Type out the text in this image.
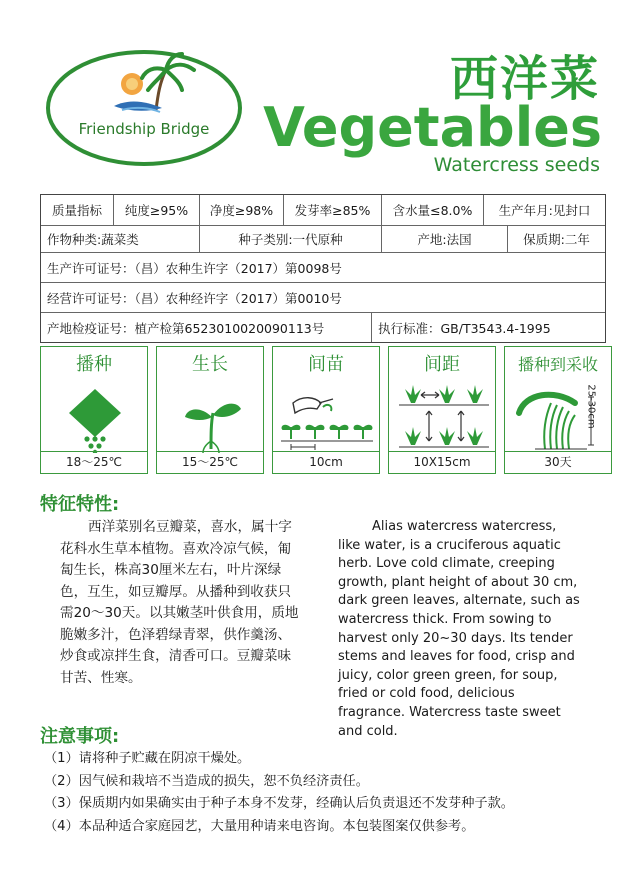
Friendship Bridge
西洋菜
Vegetables
Watercress seeds
质量指标	纯度≥95%	净度≥98%	发芽率≥85%	含水量≤8.0%	生产年月:见封口
作物种类:蔬菜类	种子类别:一代原种	产地:法国	保质期:二年
生产许可证号：（昌）农种生许字（2017）第0098号
经营许可证号：（昌）农种经许字（2017）第0010号
产地检疫证号：植产检第6523010020090113号	执行标准：GB/T3543.4-1995
播种
18～25℃
生长
15～25℃
间苗
10cm
间距
10X15cm
播种到采收
25-30cm
30天
特征特性:
西洋菜别名豆瓣菜，喜水，属十字
花科水生草本植物。喜欢冷凉气候，匍
匐生长，株高30厘米左右，叶片深绿
色，互生，如豆瓣厚。从播种到收获只
需20～30天。以其嫩茎叶供食用，质地
脆嫩多汁，色泽碧绿青翠，供作羹汤、
炒食或凉拌生食，清香可口。豆瓣菜味
甘苦、性寒。
Alias watercress watercress,
like water, is a cruciferous aquatic
herb. Love cold climate, creeping
growth, plant height of about 30 cm,
dark green leaves, alternate, such as
watercress thick. From sowing to
harvest only 20~30 days. Its tender
stems and leaves for food, crisp and
juicy, color green green, for soup,
fried or cold food, delicious
fragrance. Watercress taste sweet
and cold.
注意事项:
（1）请将种子贮藏在阴凉干燥处。
（2）因气候和栽培不当造成的损失，恕不负经济责任。
（3）保质期内如果确实由于种子本身不发芽，经确认后负责退还不发芽种子款。
（4）本品种适合家庭园艺，大量用种请来电咨询。本包装图案仅供参考。
